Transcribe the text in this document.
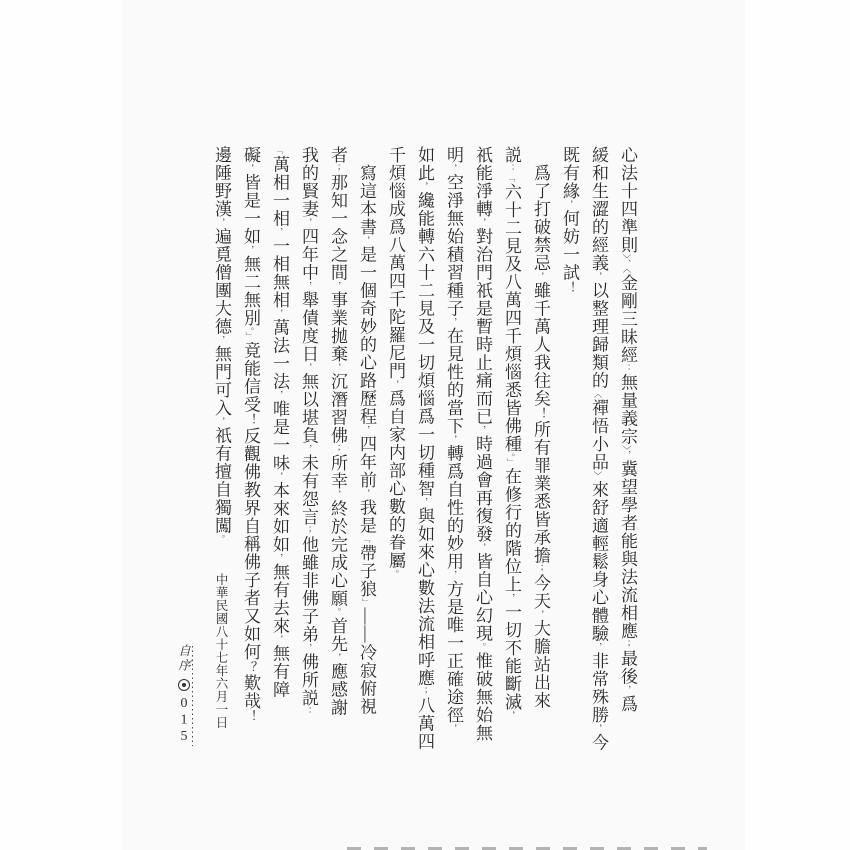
心法十四準則〉、〈金剛三昧經：無量義宗〉，冀望學者能與法流相應；最後，爲
緩和生澀的經義，以整理歸類的〈禪悟小品〉來舒適輕鬆身心體驗，非常殊勝，今
既有緣，何妨一試！
　爲了打破禁忌，雖千萬人我往矣！所有罪業悉皆承擔；今天，大膽站出來
説：「六十二見及八萬四千煩惱悉皆佛種。」在修行的階位上，一切不能斷滅，
祇能淨轉，對治門祇是暫時止痛而已，時過會再復發，皆自心幻現。惟破無始無
明，空淨無始積習種子，在見性的當下，轉爲自性的妙用，方是唯一正確途徑，
如此，纔能轉六十二見及一切煩惱爲一切種智，與如來心數法流相呼應；八萬四
千煩惱成爲八萬四千陀羅尼門，爲自家内部心數的眷屬。
　寫這本書，是一個奇妙的心路歷程，四年前，我是「帶子狼」——冷寂俯視
者；那知一念之間，事業拋棄，沉潛習佛；所幸，終於完成心願。首先，應感謝
我的賢妻，四年中，舉債度日，無以堪負，未有怨言；他雖非佛子弟，佛所説：
「萬相一相，一相無相，萬法一法，唯是一味，本來如如，無有去來，無有障
礙，皆是一如，無二無別。」竟能信受！反觀佛教界自稱佛子者又如何？歎哉！
邊陲野漢，遍覓僧團大德，無門可入，祇有擅自獨闖。 中華民國八十七年六月一日
自序
015
